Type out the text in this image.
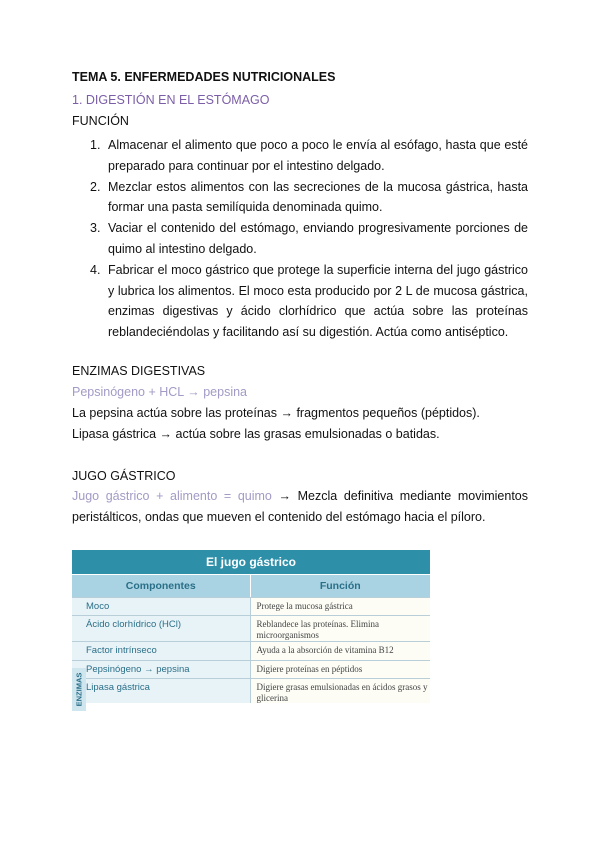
TEMA 5. ENFERMEDADES NUTRICIONALES
1. DIGESTIÓN EN EL ESTÓMAGO
FUNCIÓN
1. Almacenar el alimento que poco a poco le envía al esófago, hasta que esté preparado para continuar por el intestino delgado.
2. Mezclar estos alimentos con las secreciones de la mucosa gástrica, hasta formar una pasta semilíquida denominada quimo.
3. Vaciar el contenido del estómago, enviando progresivamente porciones de quimo al intestino delgado.
4. Fabricar el moco gástrico que protege la superficie interna del jugo gástrico y lubrica los alimentos. El moco esta producido por 2 L de mucosa gástrica, enzimas digestivas y ácido clorhídrico que actúa sobre las proteínas reblandeciéndolas y facilitando así su digestión. Actúa como antiséptico.
ENZIMAS DIGESTIVAS
Pepsinógeno + HCL → pepsina
La pepsina actúa sobre las proteínas → fragmentos pequeños (péptidos).
Lipasa gástrica → actúa sobre las grasas emulsionadas o batidas.
JUGO GÁSTRICO
Jugo gástrico + alimento = quimo → Mezcla definitiva mediante movimientos peristálticos, ondas que mueven el contenido del estómago hacia el píloro.
El jugo gástrico
Componentes	Función
Moco	Protege la mucosa gástrica
Ácido clorhídrico (HCl)	Reblandece las proteínas. Elimina microorganismos
Factor intrínseco	Ayuda a la absorción de vitamina B12
Pepsinógeno → pepsina	Digiere proteínas en péptidos
Lipasa gástrica	Digiere grasas emulsionadas en ácidos grasos y glicerina
ENZIMAS
